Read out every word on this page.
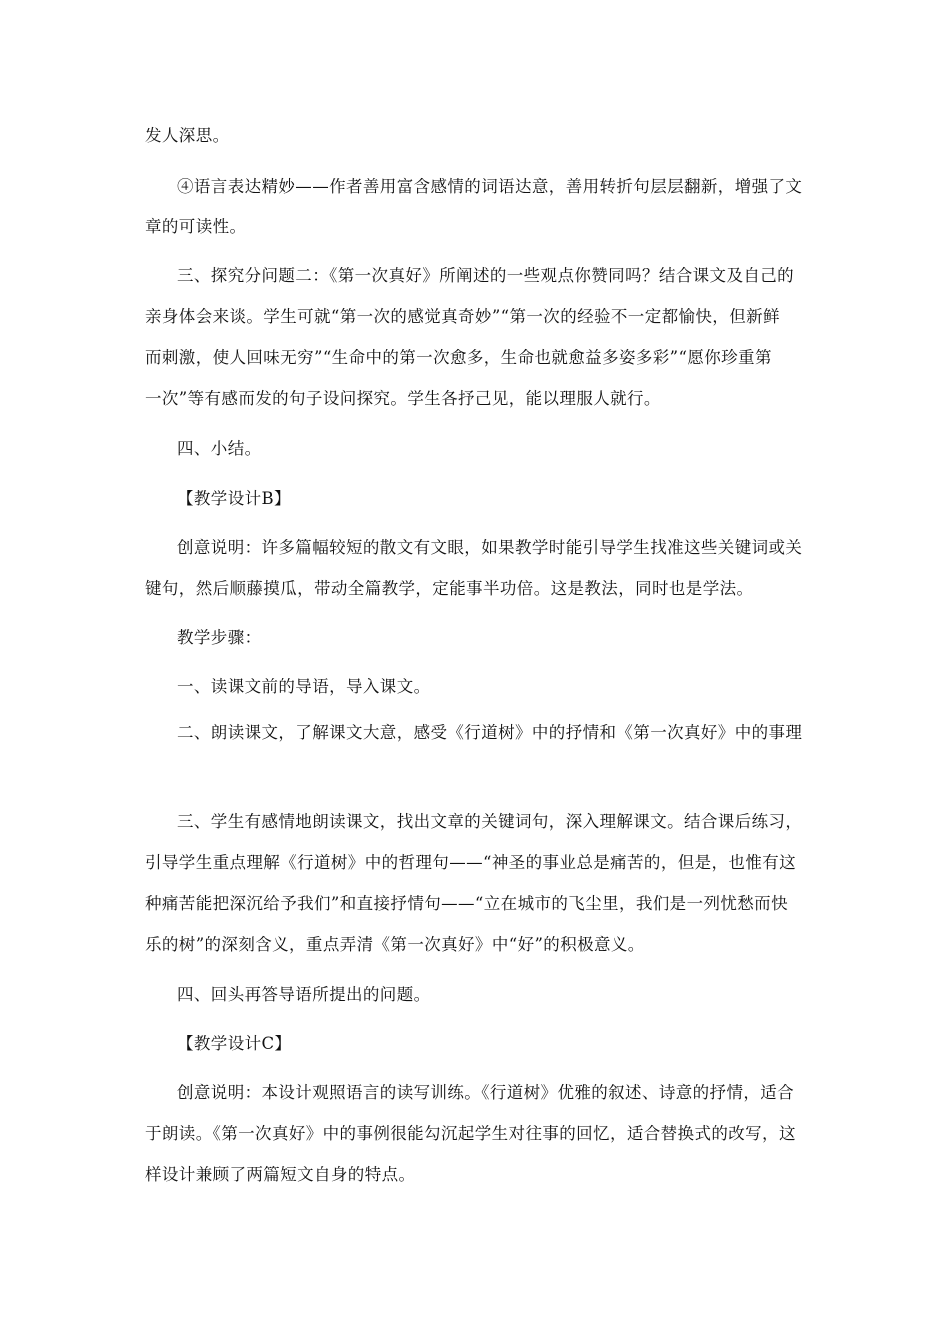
发人深思。
④语言表达精妙——作者善用富含感情的词语达意，善用转折句层层翻新，增强了文
章的可读性。
三、探究分问题二：《第一次真好》所阐述的一些观点你赞同吗？结合课文及自己的
亲身体会来谈。学生可就“第一次的感觉真奇妙”“第一次的经验不一定都愉快，但新鲜
而刺激，使人回味无穷”“生命中的第一次愈多，生命也就愈益多姿多彩”“愿你珍重第
一次”等有感而发的句子设问探究。学生各抒己见，能以理服人就行。
四、小结。
【教学设计B】
创意说明：许多篇幅较短的散文有文眼，如果教学时能引导学生找准这些关键词或关
键句，然后顺藤摸瓜，带动全篇教学，定能事半功倍。这是教法，同时也是学法。
教学步骤：
一、读课文前的导语，导入课文。
二、朗读课文，了解课文大意，感受《行道树》中的抒情和《第一次真好》中的事理
三、学生有感情地朗读课文，找出文章的关键词句，深入理解课文。结合课后练习，
引导学生重点理解《行道树》中的哲理句——“神圣的事业总是痛苦的，但是，也惟有这
种痛苦能把深沉给予我们”和直接抒情句——“立在城市的飞尘里，我们是一列忧愁而快
乐的树”的深刻含义，重点弄清《第一次真好》中“好”的积极意义。
四、回头再答导语所提出的问题。
【教学设计C】
创意说明：本设计观照语言的读写训练。《行道树》优雅的叙述、诗意的抒情，适合
于朗读。《第一次真好》中的事例很能勾沉起学生对往事的回忆，适合替换式的改写，这
样设计兼顾了两篇短文自身的特点。
